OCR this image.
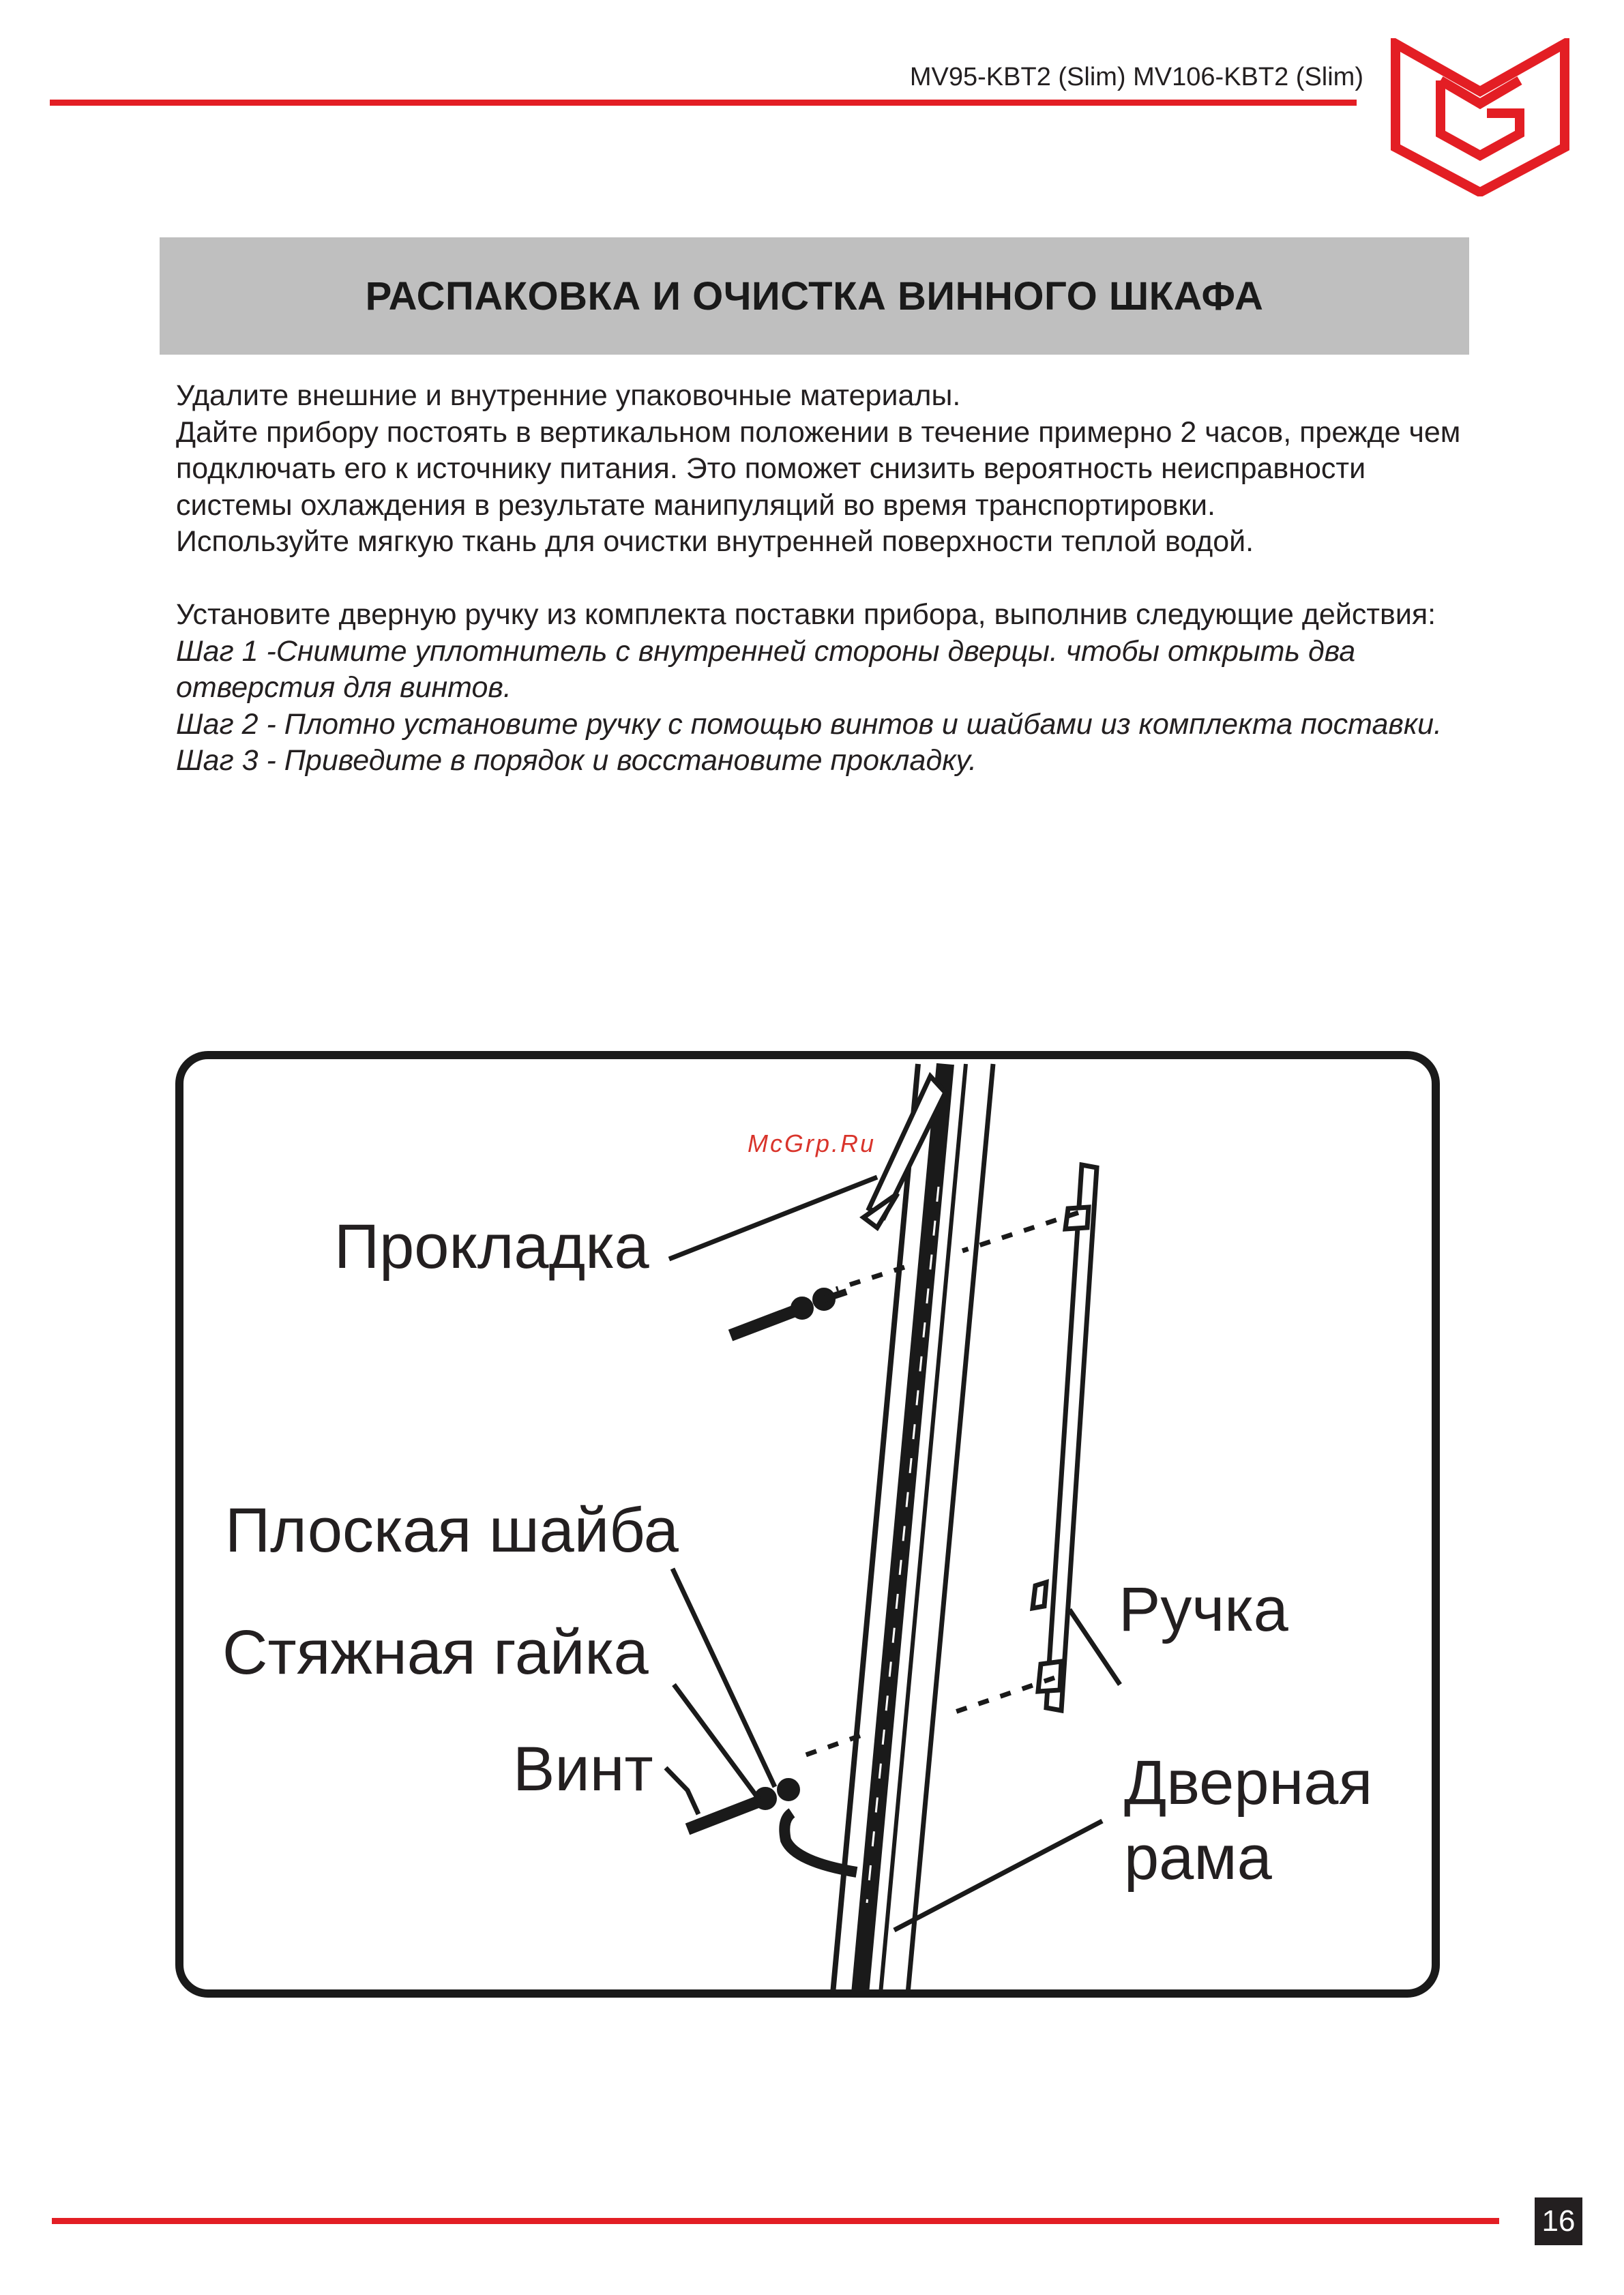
MV95-KBT2 (Slim) MV106-KBT2 (Slim)
РАСПАКОВКА И ОЧИСТКА ВИННОГО ШКАФА

Удалите внешние и внутренние упаковочные материалы.

Дайте прибору постоять в вертикальном положении в течение примерно 2 часов, прежде чем подключать его к источнику питания. Это поможет снизить вероятность неисправности системы охлаждения в результате манипуляций во время транспортировки.

Используйте мягкую ткань для очистки внутренней поверхности теплой водой.

Установите дверную ручку из комплекта поставки прибора, выполнив следующие действия:

Шаг 1 -Снимите уплотнитель с внутренней стороны дверцы. чтобы открыть два отверстия для винтов.

Шаг 2 - Плотно установите ручку с помощью винтов и шайбами из комплекта поставки.

Шаг 3 - Приведите в порядок и восстановите прокладку.

McGrp.Ru
Прокладка
Плоская шайба
Стяжная гайка
Винт
Ручка
Дверная
рама
16
